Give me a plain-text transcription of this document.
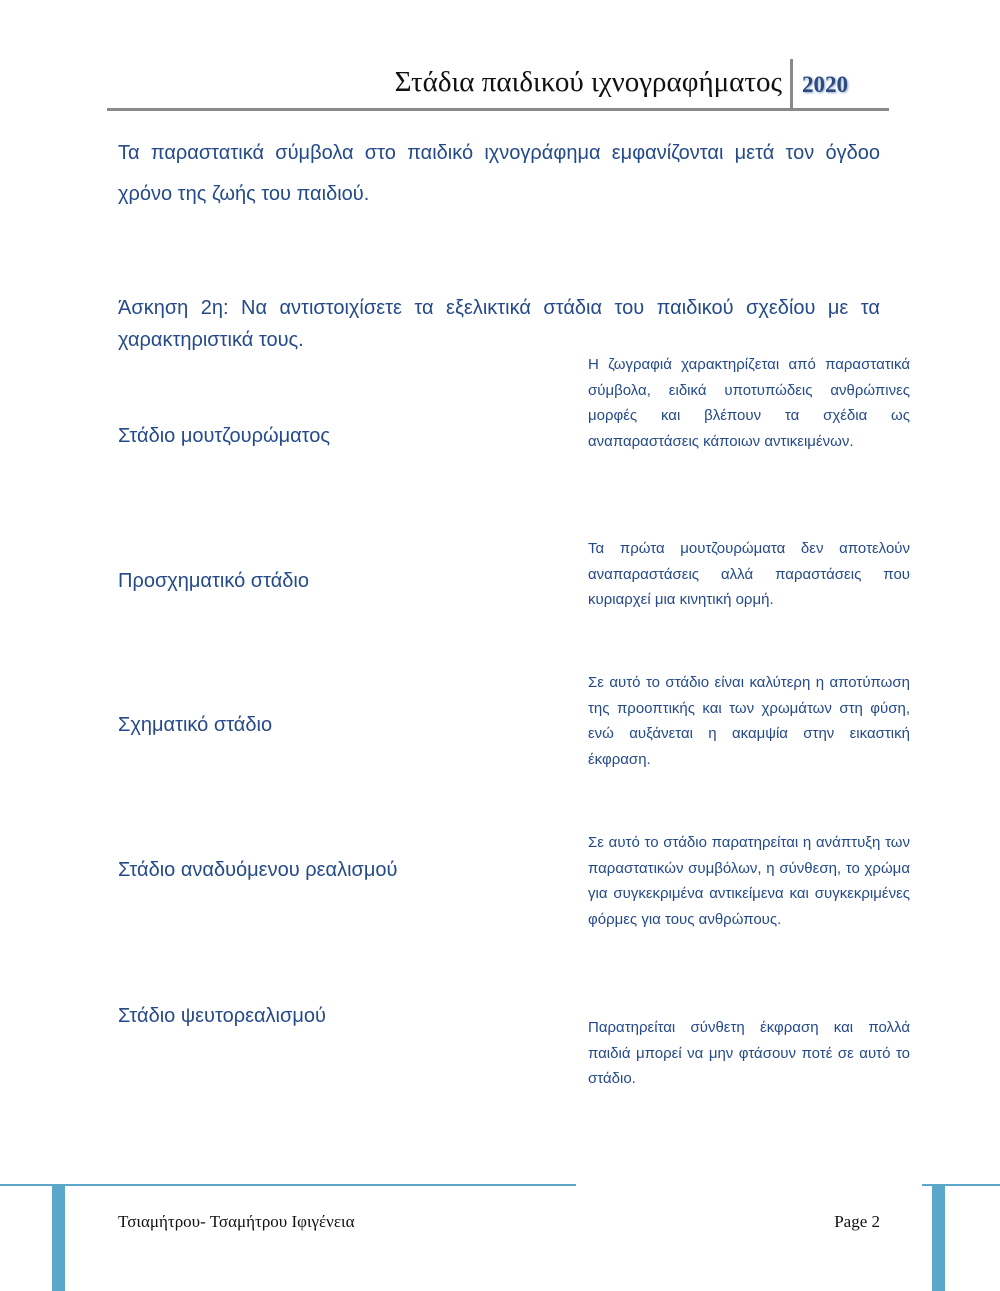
Στάδια παιδικού ιχνογραφήματος 2020

Τα παραστατικά σύμβολα στο παιδικό ιχνογράφημα εμφανίζονται μετά τον όγδοο χρόνο της ζωής του παιδιού.

Άσκηση 2η: Να αντιστοιχίσετε τα εξελικτικά στάδια του παιδικού σχεδίου με τα χαρακτηριστικά τους.

Στάδιο μουτζουρώματος

Προσχηματικό στάδιο

Σχηματικό στάδιο

Στάδιο αναδυόμενου ρεαλισμού

Στάδιο ψευτορεαλισμού

Η ζωγραφιά χαρακτηρίζεται από παραστατικά σύμβολα, ειδικά υποτυπώδεις ανθρώπινες μορφές και βλέπουν τα σχέδια ως αναπαραστάσεις κάποιων αντικειμένων.

Τα πρώτα μουτζουρώματα δεν αποτελούν αναπαραστάσεις αλλά παραστάσεις που κυριαρχεί μια κινητική ορμή.

Σε αυτό το στάδιο είναι καλύτερη η αποτύπωση της προοπτικής και των χρωμάτων στη φύση, ενώ αυξάνεται η ακαμψία στην εικαστική έκφραση.

Σε αυτό το στάδιο παρατηρείται η ανάπτυξη των παραστατικών συμβόλων, η σύνθεση, το χρώμα για συγκεκριμένα αντικείμενα και συγκεκριμένες φόρμες για τους ανθρώπους.

Παρατηρείται σύνθετη έκφραση και πολλά παιδιά μπορεί να μην φτάσουν ποτέ σε αυτό το στάδιο.

Τσιαμήτρου- Τσαμήτρου Ιφιγένεια	Page 2
